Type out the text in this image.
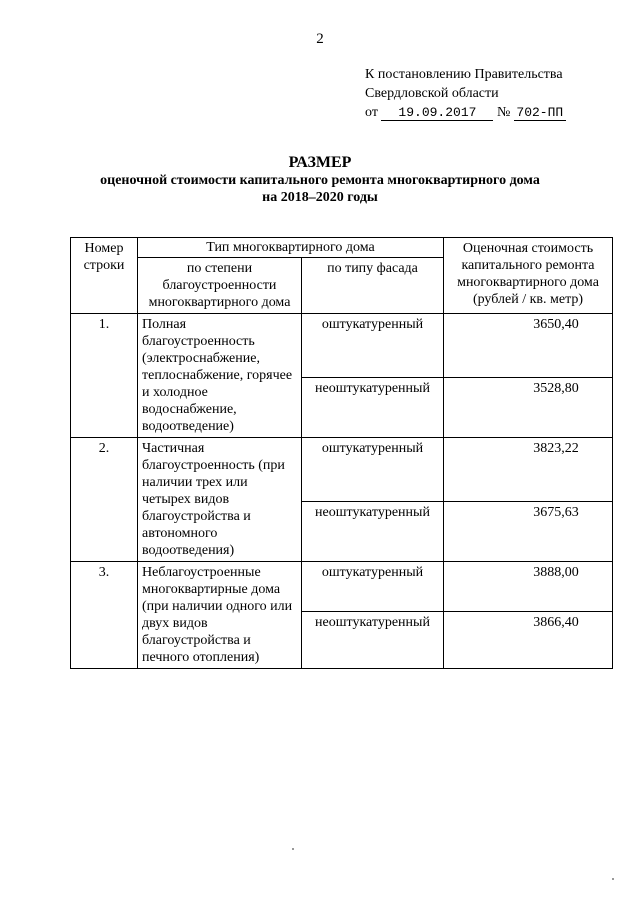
2
К постановлению Правительства
Свердловской области
от 19.09.2017 № 702-ПП
РАЗМЕР
оценочной стоимости капитального ремонта многоквартирного дома
на 2018–2020 годы
Номер строки	Тип многоквартирного дома		Оценочная стоимость капитального ремонта многоквартирного дома (рублей / кв. метр)
	по степени благоустроенности многоквартирного дома	по типу фасада	
1.	Полная благоустроенность (электроснабжение, теплоснабжение, горячее и холодное водоснабжение, водоотведение)	оштукатуренный	3650,40
		неоштукатуренный	3528,80
2.	Частичная благоустроенность (при наличии трех или четырех видов благоустройства и автономного водоотведения)	оштукатуренный	3823,22
		неоштукатуренный	3675,63
3.	Неблагоустроенные многоквартирные дома (при наличии одного или двух видов благоустройства и печного отопления)	оштукатуренный	3888,00
		неоштукатуренный	3866,40
